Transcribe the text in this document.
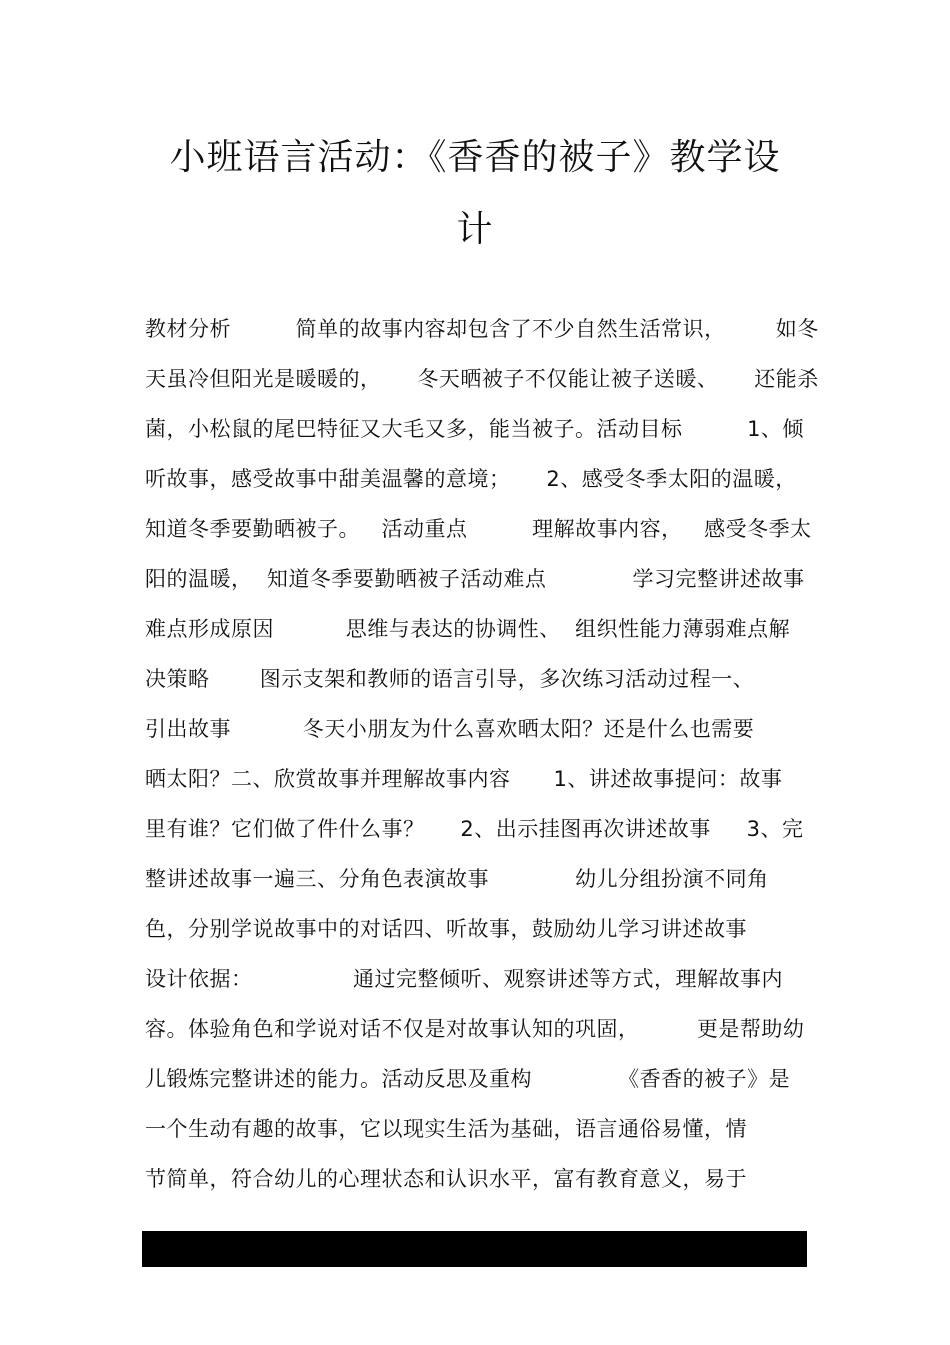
小班语言活动：《香香的被子》教学设
计
教材分析         简单的故事内容却包含了不少自然生活常识，       如冬
天虽冷但阳光是暖暖的，     冬天晒被子不仅能让被子送暖、     还能杀
菌，小松鼠的尾巴特征又大毛又多，能当被子。活动目标         1、倾
听故事，感受故事中甜美温馨的意境；     2、感受冬季太阳的温暖，
知道冬季要勤晒被子。   活动重点         理解故事内容，   感受冬季太
阳的温暖，  知道冬季要勤晒被子活动难点            学习完整讲述故事
难点形成原因          思维与表达的协调性、  组织性能力薄弱难点解
决策略       图示支架和教师的语言引导，多次练习活动过程一、
引出故事          冬天小朋友为什么喜欢晒太阳？还是什么也需要
晒太阳？二、欣赏故事并理解故事内容      1、讲述故事提问：故事
里有谁？它们做了件什么事？     2、出示挂图再次讲述故事     3、完
整讲述故事一遍三、分角色表演故事            幼儿分组扮演不同角
色，分别学说故事中的对话四、听故事，鼓励幼儿学习讲述故事
设计依据：              通过完整倾听、观察讲述等方式，理解故事内
容。体验角色和学说对话不仅是对故事认知的巩固，        更是帮助幼
儿锻炼完整讲述的能力。活动反思及重构            《香香的被子》是
一个生动有趣的故事，它以现实生活为基础，语言通俗易懂，情
节简单，符合幼儿的心理状态和认识水平，富有教育意义，易于
